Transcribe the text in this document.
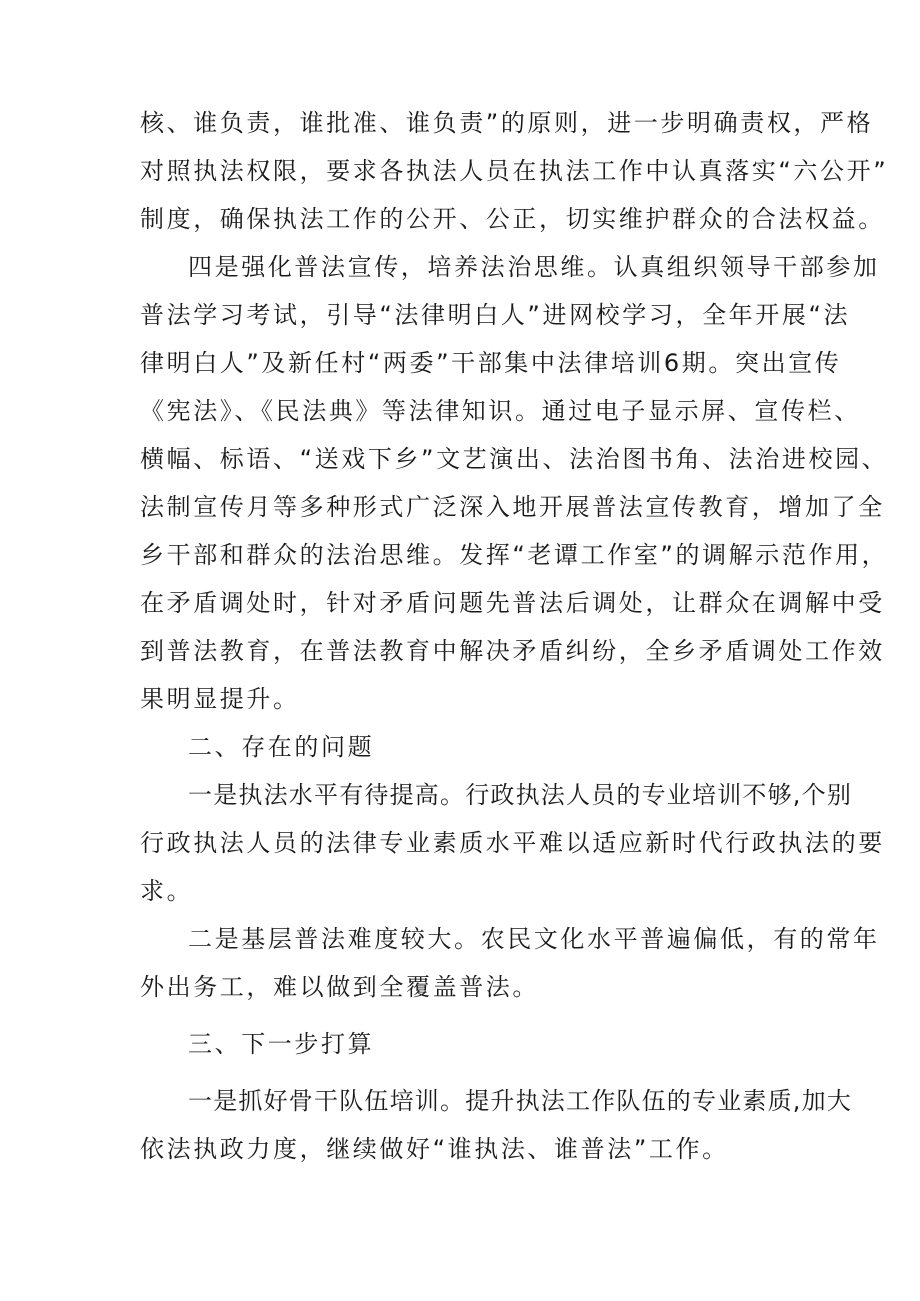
核、谁负责，谁批准、谁负责”的原则，进一步明确责权，严格
对照执法权限，要求各执法人员在执法工作中认真落实“六公开”
制度，确保执法工作的公开、公正，切实维护群众的合法权益。
四是强化普法宣传，培养法治思维。认真组织领导干部参加
普法学习考试，引导“法律明白人”进网校学习，全年开展“法
律明白人”及新任村“两委”干部集中法律培训6期。突出宣传
《宪法》、《民法典》等法律知识。通过电子显示屏、宣传栏、
横幅、标语、“送戏下乡”文艺演出、法治图书角、法治进校园、
法制宣传月等多种形式广泛深入地开展普法宣传教育，增加了全
乡干部和群众的法治思维。发挥“老谭工作室”的调解示范作用，
在矛盾调处时，针对矛盾问题先普法后调处，让群众在调解中受
到普法教育，在普法教育中解决矛盾纠纷，全乡矛盾调处工作效
果明显提升。
二、存在的问题
一是执法水平有待提高。行政执法人员的专业培训不够,个别
行政执法人员的法律专业素质水平难以适应新时代行政执法的要
求。
二是基层普法难度较大。农民文化水平普遍偏低，有的常年
外出务工，难以做到全覆盖普法。
三、下一步打算
一是抓好骨干队伍培训。提升执法工作队伍的专业素质,加大
依法执政力度，继续做好“谁执法、谁普法”工作。
